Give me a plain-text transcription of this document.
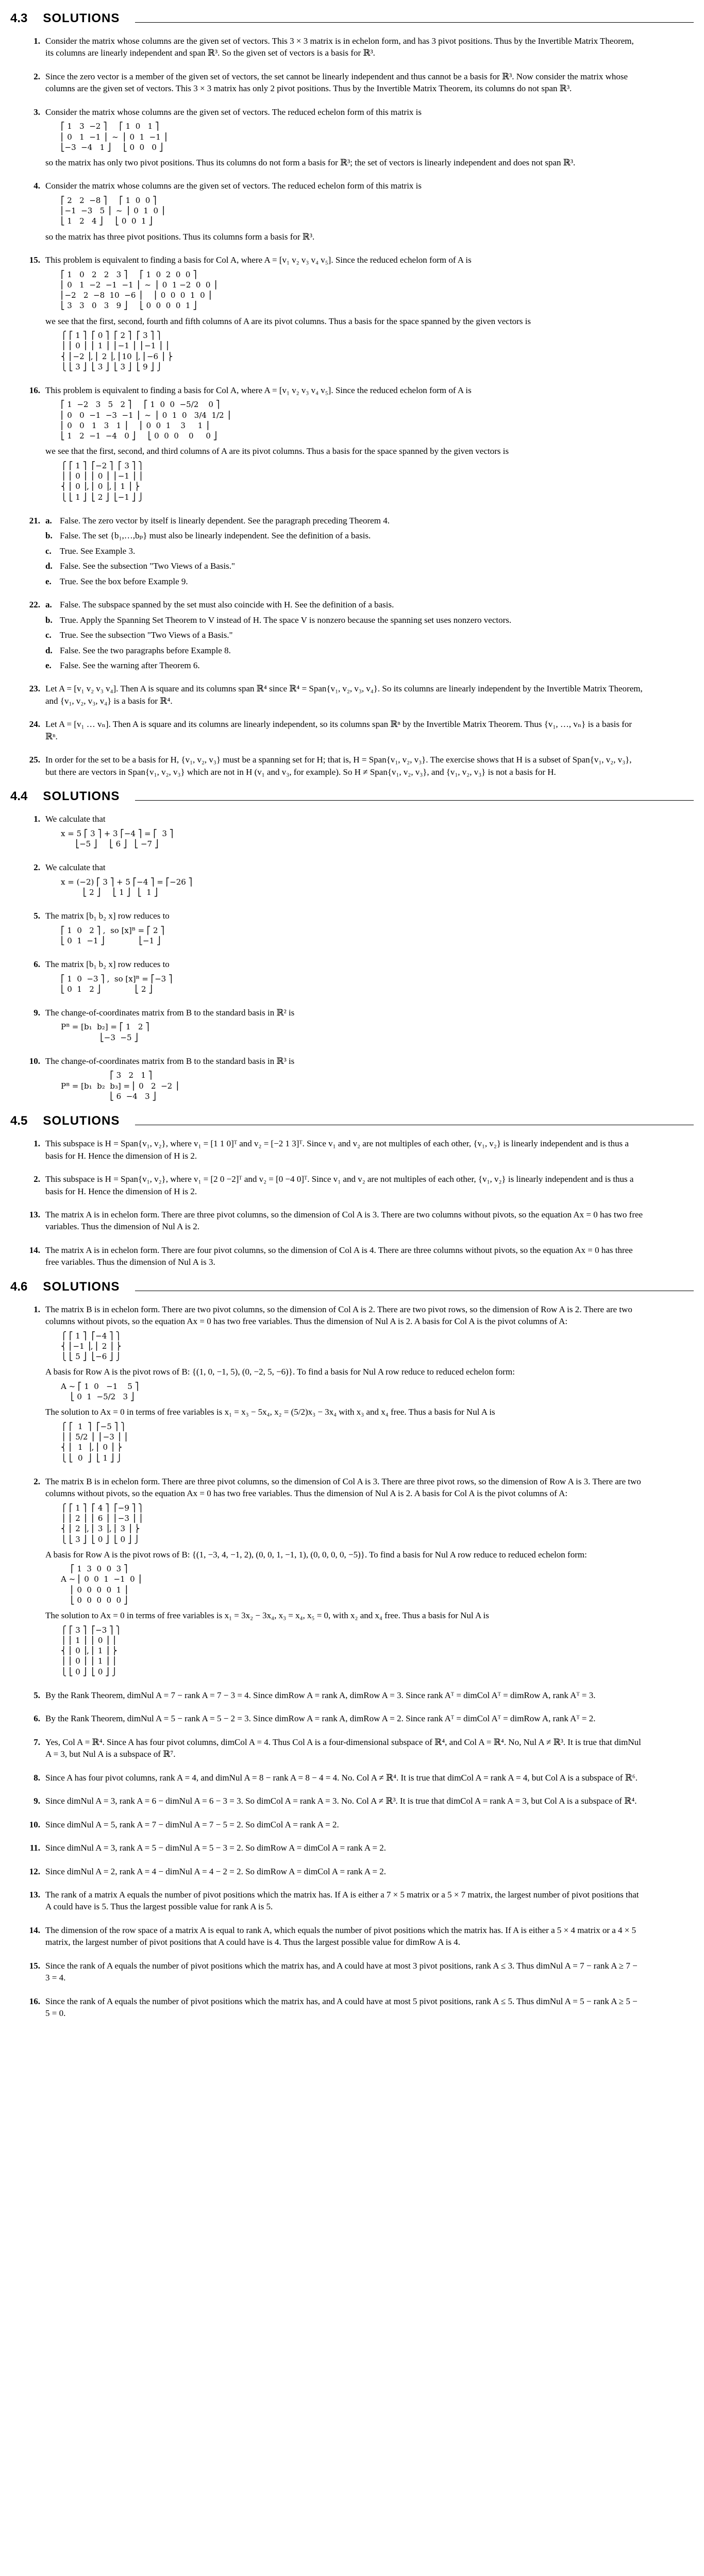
4.3 SOLUTIONS
1. Consider the matrix whose columns are the given set of vectors. This 3 × 3 matrix is in echelon form, and has 3 pivot positions. Thus by the Invertible Matrix Theorem, its columns are linearly independent and span ℝ³. So the given set of vectors is a basis for ℝ³.

2. Since the zero vector is a member of the given set of vectors, the set cannot be linearly independent and thus cannot be a basis for ℝ³. Now consider the matrix whose columns are the given set of vectors. This 3 × 3 matrix has only 2 pivot positions. Thus by the Invertible Matrix Theorem, its columns do not span ℝ³.

3. Consider the matrix whose columns are the given set of vectors. The reduced echelon form of this matrix is

⎡ 1   3  −2 ⎤     ⎡ 1  0   1 ⎤
⎢ 0   1  −1 ⎥  ~  ⎢ 0  1  −1 ⎥
⎣−3  −4   1 ⎦     ⎣ 0  0   0 ⎦

so the matrix has only two pivot positions. Thus its columns do not form a basis for ℝ³; the set of vectors is linearly independent and does not span ℝ³.

4. Consider the matrix whose columns are the given set of vectors. The reduced echelon form of this matrix is

⎡ 2   2  −8 ⎤     ⎡ 1  0  0 ⎤
⎢−1  −3   5 ⎥  ~  ⎢ 0  1  0 ⎥
⎣ 1   2   4 ⎦     ⎣ 0  0  1 ⎦

so the matrix has three pivot positions. Thus its columns form a basis for ℝ³.

15. This problem is equivalent to finding a basis for Col A, where A = [v₁ v₂ v₃ v₄ v₅]. Since the reduced echelon form of A is

⎡ 1   0   2   2   3 ⎤     ⎡ 1  0  2  0  0 ⎤
⎢ 0   1  −2  −1  −1 ⎥  ~  ⎢ 0  1 −2  0  0 ⎥
⎢−2   2  −8  10  −6 ⎥     ⎢ 0  0  0  1  0 ⎥
⎣ 3   3   0   3   9 ⎦     ⎣ 0  0  0  0  1 ⎦

we see that the first, second, fourth and fifth columns of A are its pivot columns. Thus a basis for the space spanned by the given vectors is

⎧ ⎡ 1 ⎤  ⎡ 0 ⎤  ⎡ 2 ⎤  ⎡ 3 ⎤ ⎫
⎪ ⎢ 0 ⎥  ⎢ 1 ⎥  ⎢−1 ⎥  ⎢−1 ⎥ ⎪
⎨ ⎢−2 ⎥, ⎢ 2 ⎥, ⎢10 ⎥, ⎢−6 ⎥ ⎬
⎩ ⎣ 3 ⎦  ⎣ 3 ⎦  ⎣ 3 ⎦  ⎣ 9 ⎦ ⎭
16. This problem is equivalent to finding a basis for Col A, where A = [v₁ v₂ v₃ v₄ v₅]. Since the reduced echelon form of A is

⎡ 1  −2   3   5   2 ⎤     ⎡ 1  0  0  −5/2    0 ⎤
⎢ 0   0  −1  −3  −1 ⎥  ~  ⎢ 0  1  0   3/4  1/2 ⎥
⎢ 0   0   1   3   1 ⎥     ⎢ 0  0  1    3     1 ⎥
⎣ 1   2  −1  −4   0 ⎦     ⎣ 0  0  0    0     0 ⎦

we see that the first, second, and third columns of A are its pivot columns. Thus a basis for the space spanned by the given vectors is

⎧ ⎡ 1 ⎤  ⎡−2 ⎤  ⎡ 3 ⎤ ⎫
⎪ ⎢ 0 ⎥  ⎢ 0 ⎥  ⎢−1 ⎥ ⎪
⎨ ⎢ 0 ⎥, ⎢ 0 ⎥, ⎢ 1 ⎥ ⎬
⎩ ⎣ 1 ⎦  ⎣ 2 ⎦  ⎣−1 ⎦ ⎭
21. a. False. The zero vector by itself is linearly dependent. See the paragraph preceding Theorem 4.
b. False. The set {b₁,…,bₚ} must also be linearly independent. See the definition of a basis.
c. True. See Example 3.
d. False. See the subsection "Two Views of a Basis."
e. True. See the box before Example 9.
22. a. False. The subspace spanned by the set must also coincide with H. See the definition of a basis.
b. True. Apply the Spanning Set Theorem to V instead of H. The space V is nonzero because the spanning set uses nonzero vectors.
c. True. See the subsection "Two Views of a Basis."
d. False. See the two paragraphs before Example 8.
e. False. See the warning after Theorem 6.
23. Let A = [v₁ v₂ v₃ v₄]. Then A is square and its columns span ℝ⁴ since ℝ⁴ = Span{v₁, v₂, v₃, v₄}. So its columns are linearly independent by the Invertible Matrix Theorem, and {v₁, v₂, v₃, v₄} is a basis for ℝ⁴.

24. Let A = [v₁ … vₙ]. Then A is square and its columns are linearly independent, so its columns span ℝⁿ by the Invertible Matrix Theorem. Thus {v₁, …, vₙ} is a basis for ℝⁿ.

25. In order for the set to be a basis for H, {v₁, v₂, v₃} must be a spanning set for H; that is, H = Span{v₁, v₂, v₃}. The exercise shows that H is a subset of Span{v₁, v₂, v₃}, but there are vectors in Span{v₁, v₂, v₃} which are not in H (v₁ and v₃, for example). So H ≠ Span{v₁, v₂, v₃}, and {v₁, v₂, v₃} is not a basis for H.

4.4 SOLUTIONS
1. We calculate that

x = 5 ⎡ 3 ⎤ + 3 ⎡−4 ⎤ = ⎡  3 ⎤
⎣−5 ⎦     ⎣ 6 ⎦   ⎣ −7 ⎦
2. We calculate that

x = (−2) ⎡ 3 ⎤ + 5 ⎡−4 ⎤ = ⎡−26 ⎤
⎣ 2 ⎦     ⎣ 1 ⎦   ⎣  1 ⎦
5. The matrix [b₁ b₂ x] row reduces to

⎡ 1  0   2 ⎤ ,  so [x]ᴮ = ⎡ 2 ⎤
⎣ 0  1  −1 ⎦              ⎣−1 ⎦
6. The matrix [b₁ b₂ x] row reduces to

⎡ 1  0  −3 ⎤ ,  so [x]ᴮ = ⎡−3 ⎤
⎣ 0  1   2 ⎦              ⎣ 2 ⎦
9. The change-of-coordinates matrix from B to the standard basis in ℝ² is

Pᴮ = [b₁  b₂] = ⎡ 1   2 ⎤
⎣−3  −5 ⎦
10. The change-of-coordinates matrix from B to the standard basis in ℝ³ is

⎡ 3   2   1 ⎤
Pᴮ = [b₁  b₂  b₃] = ⎢ 0   2  −2 ⎥
⎣ 6  −4   3 ⎦
4.5 SOLUTIONS
1. This subspace is H = Span{v₁, v₂}, where v₁ = [1 1 0]ᵀ and v₂ = [−2 1 3]ᵀ. Since v₁ and v₂ are not multiples of each other, {v₁, v₂} is linearly independent and is thus a basis for H. Hence the dimension of H is 2.

2. This subspace is H = Span{v₁, v₂}, where v₁ = [2 0 −2]ᵀ and v₂ = [0 −4 0]ᵀ. Since v₁ and v₂ are not multiples of each other, {v₁, v₂} is linearly independent and is thus a basis for H. Hence the dimension of H is 2.

13. The matrix A is in echelon form. There are three pivot columns, so the dimension of Col A is 3. There are two columns without pivots, so the equation Ax = 0 has two free variables. Thus the dimension of Nul A is 2.

14. The matrix A is in echelon form. There are four pivot columns, so the dimension of Col A is 4. There are three columns without pivots, so the equation Ax = 0 has three free variables. Thus the dimension of Nul A is 3.

4.6 SOLUTIONS
1. The matrix B is in echelon form. There are two pivot columns, so the dimension of Col A is 2. There are two pivot rows, so the dimension of Row A is 2. There are two columns without pivots, so the equation Ax = 0 has two free variables. Thus the dimension of Nul A is 2. A basis for Col A is the pivot columns of A:

⎧ ⎡ 1 ⎤  ⎡−4 ⎤ ⎫
⎨ ⎢−1 ⎥, ⎢ 2 ⎥ ⎬
⎩ ⎣ 5 ⎦  ⎣−6 ⎦ ⎭

A basis for Row A is the pivot rows of B: {(1, 0, −1, 5), (0, −2, 5, −6)}. To find a basis for Nul A row reduce to reduced echelon form:

A ~ ⎡ 1  0   −1    5 ⎤
⎣ 0  1  −5/2   3 ⎦

The solution to Ax = 0 in terms of free variables is x₁ = x₃ − 5x₄, x₂ = (5/2)x₃ − 3x₄ with x₃ and x₄ free. Thus a basis for Nul A is

⎧ ⎡  1  ⎤  ⎡−5 ⎤ ⎫
⎪ ⎢ 5/2 ⎥  ⎢−3 ⎥ ⎪
⎨ ⎢  1  ⎥, ⎢ 0 ⎥ ⎬
⎩ ⎣  0  ⎦  ⎣ 1 ⎦ ⎭
2. The matrix B is in echelon form. There are three pivot columns, so the dimension of Col A is 3. There are three pivot rows, so the dimension of Row A is 3. There are two columns without pivots, so the equation Ax = 0 has two free variables. Thus the dimension of Nul A is 2. A basis for Col A is the pivot columns of A:

⎧ ⎡ 1 ⎤  ⎡ 4 ⎤  ⎡−9 ⎤ ⎫
⎪ ⎢ 2 ⎥  ⎢ 6 ⎥  ⎢−3 ⎥ ⎪
⎨ ⎢ 2 ⎥, ⎢ 3 ⎥, ⎢ 3 ⎥ ⎬
⎩ ⎣ 3 ⎦  ⎣ 0 ⎦  ⎣ 0 ⎦ ⎭

A basis for Row A is the pivot rows of B: {(1, −3, 4, −1, 2), (0, 0, 1, −1, 1), (0, 0, 0, 0, −5)}. To find a basis for Nul A row reduce to reduced echelon form:

⎡ 1  3  0  0  3 ⎤
A ~ ⎢ 0  0  1  −1  0 ⎥
⎢ 0  0  0  0  1 ⎥
⎣ 0  0  0  0  0 ⎦

The solution to Ax = 0 in terms of free variables is x₁ = 3x₂ − 3x₄, x₃ = x₄, x₅ = 0, with x₂ and x₄ free. Thus a basis for Nul A is

⎧ ⎡ 3 ⎤  ⎡−3 ⎤ ⎫
⎪ ⎢ 1 ⎥  ⎢ 0 ⎥ ⎪
⎨ ⎢ 0 ⎥, ⎢ 1 ⎥ ⎬
⎪ ⎢ 0 ⎥  ⎢ 1 ⎥ ⎪
⎩ ⎣ 0 ⎦  ⎣ 0 ⎦ ⎭
5. By the Rank Theorem, dimNul A = 7 − rank A = 7 − 3 = 4. Since dimRow A = rank A, dimRow A = 3. Since rank Aᵀ = dimCol Aᵀ = dimRow A, rank Aᵀ = 3.

6. By the Rank Theorem, dimNul A = 5 − rank A = 5 − 2 = 3. Since dimRow A = rank A, dimRow A = 2. Since rank Aᵀ = dimCol Aᵀ = dimRow A, rank Aᵀ = 2.

7. Yes, Col A = ℝ⁴. Since A has four pivot columns, dimCol A = 4. Thus Col A is a four-dimensional subspace of ℝ⁴, and Col A = ℝ⁴. No, Nul A ≠ ℝ³. It is true that dimNul A = 3, but Nul A is a subspace of ℝ⁷.

8. Since A has four pivot columns, rank A = 4, and dimNul A = 8 − rank A = 8 − 4 = 4. No. Col A ≠ ℝ⁴. It is true that dimCol A = rank A = 4, but Col A is a subspace of ℝ⁶.

9. Since dimNul A = 3, rank A = 6 − dimNul A = 6 − 3 = 3. So dimCol A = rank A = 3. No. Col A ≠ ℝ³. It is true that dimCol A = rank A = 3, but Col A is a subspace of ℝ⁴.

10. Since dimNul A = 5, rank A = 7 − dimNul A = 7 − 5 = 2. So dimCol A = rank A = 2.

11. Since dimNul A = 3, rank A = 5 − dimNul A = 5 − 3 = 2. So dimRow A = dimCol A = rank A = 2.

12. Since dimNul A = 2, rank A = 4 − dimNul A = 4 − 2 = 2. So dimRow A = dimCol A = rank A = 2.

13. The rank of a matrix A equals the number of pivot positions which the matrix has. If A is either a 7 × 5 matrix or a 5 × 7 matrix, the largest number of pivot positions that A could have is 5. Thus the largest possible value for rank A is 5.

14. The dimension of the row space of a matrix A is equal to rank A, which equals the number of pivot positions which the matrix has. If A is either a 5 × 4 matrix or a 4 × 5 matrix, the largest number of pivot positions that A could have is 4. Thus the largest possible value for dimRow A is 4.

15. Since the rank of A equals the number of pivot positions which the matrix has, and A could have at most 3 pivot positions, rank A ≤ 3. Thus dimNul A = 7 − rank A ≥ 7 − 3 = 4.

16. Since the rank of A equals the number of pivot positions which the matrix has, and A could have at most 5 pivot positions, rank A ≤ 5. Thus dimNul A = 5 − rank A ≥ 5 − 5 = 0.
